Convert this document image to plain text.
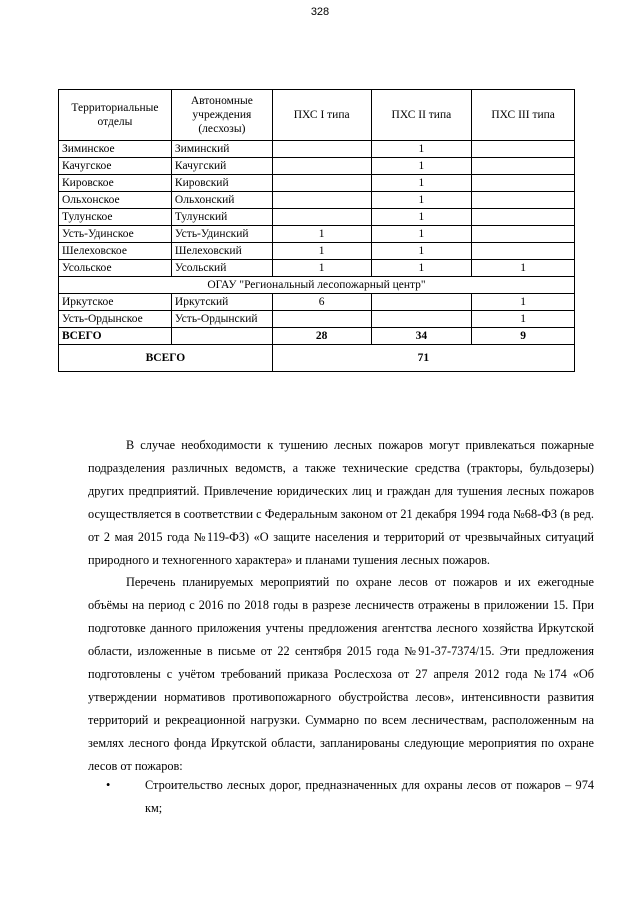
328
Территориальные отделы	Автономные учреждения (лесхозы)	ПХС I типа	ПХС II типа	ПХС III типа
Зиминское	Зиминский		1	
Качугское	Качугский		1	
Кировское	Кировский		1	
Ольхонское	Ольхонский		1	
Тулунское	Тулунский		1	
Усть-Удинское	Усть-Удинский	1	1	
Шелеховское	Шелеховский	1	1	
Усольское	Усольский	1	1	1
ОГАУ "Региональный лесопожарный центр"				
Иркутское	Иркутский	6		1
Усть-Ордынское	Усть-Ордынский			1
ВСЕГО		28	34	9
ВСЕГО		71		

В случае необходимости к тушению лесных пожаров могут привлекаться пожарные подразделения различных ведомств, а также технические средства (тракторы, бульдозеры) других предприятий. Привлечение юридических лиц и граждан для тушения лесных пожаров осуществляется в соответствии с Федеральным законом от 21 декабря 1994 года №68-ФЗ (в ред. от 2 мая 2015 года №119-ФЗ) «О защите населения и территорий от чрезвычайных ситуаций природного и техногенного характера» и планами тушения лесных пожаров.

Перечень планируемых мероприятий по охране лесов от пожаров и их ежегодные объёмы на период с 2016 по 2018 годы в разрезе лесничеств отражены в приложении 15. При подготовке данного приложения учтены предложения агентства лесного хозяйства Иркутской области, изложенные в письме от 22 сентября 2015 года №91-37-7374/15. Эти предложения подготовлены с учётом требований приказа Рослесхоза от 27 апреля 2012 года №174 «Об утверждении нормативов противопожарного обустройства лесов», интенсивности развития территорий и рекреационной нагрузки. Суммарно по всем лесничествам, расположенным на землях лесного фонда Иркутской области, запланированы следующие мероприятия по охране лесов от пожаров:

•	Строительство лесных дорог, предназначенных для охраны лесов от пожаров – 974 км;
